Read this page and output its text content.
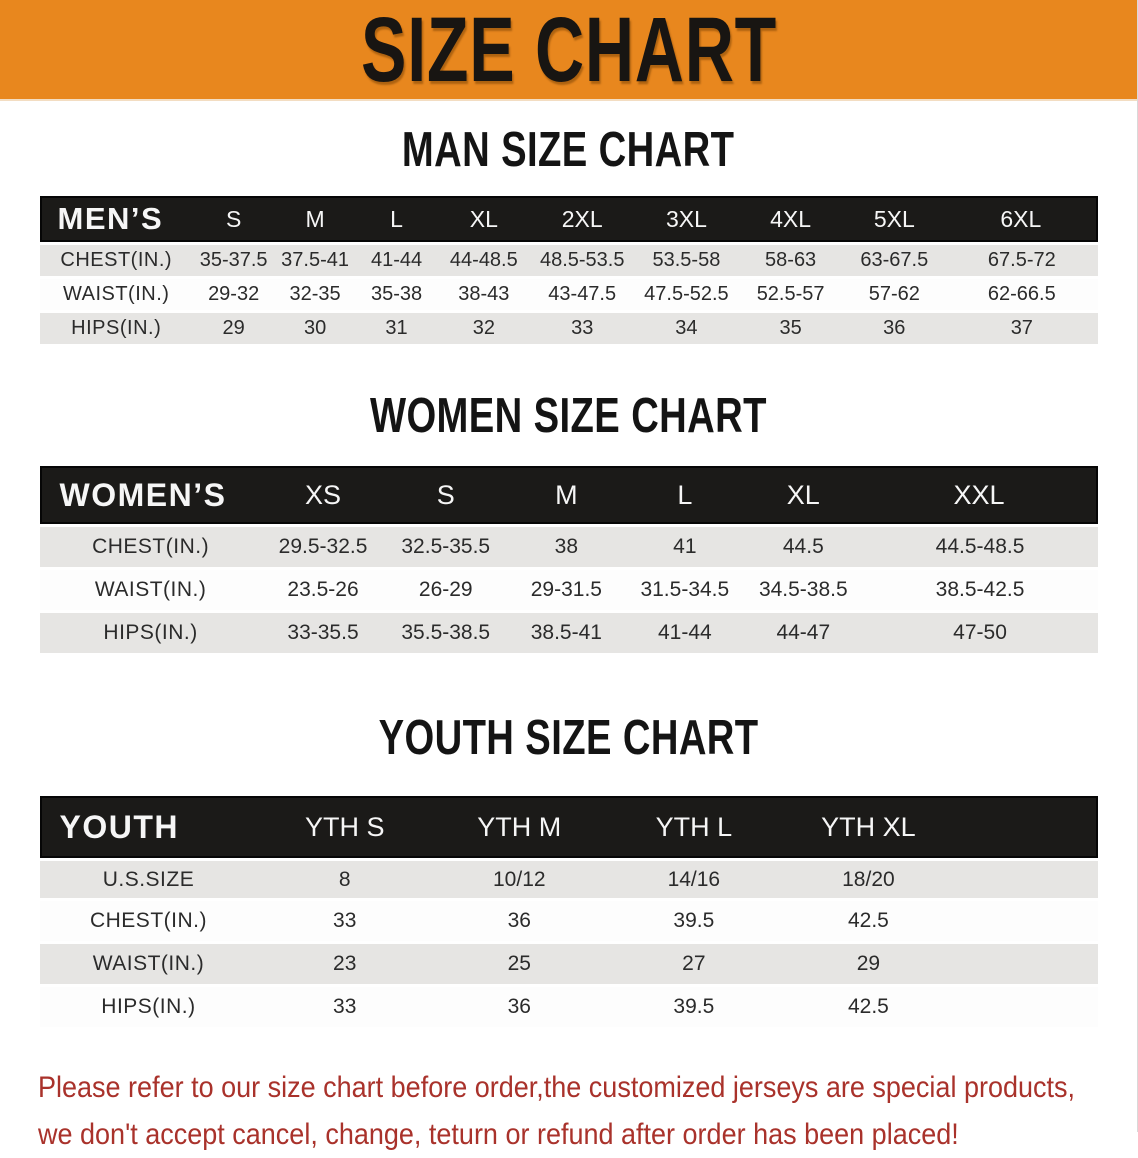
SIZE CHART
MAN SIZE CHART
MEN’S	S	M	L	XL	2XL	3XL	4XL	5XL	6XL
CHEST(IN.)	35-37.5	37.5-41	41-44	44-48.5	48.5-53.5	53.5-58	58-63	63-67.5	67.5-72
WAIST(IN.)	29-32	32-35	35-38	38-43	43-47.5	47.5-52.5	52.5-57	57-62	62-66.5
HIPS(IN.)	29	30	31	32	33	34	35	36	37
WOMEN SIZE CHART
WOMEN’S	XS	S	M	L	XL	XXL
CHEST(IN.)	29.5-32.5	32.5-35.5	38	41	44.5	44.5-48.5
WAIST(IN.)	23.5-26	26-29	29-31.5	31.5-34.5	34.5-38.5	38.5-42.5
HIPS(IN.)	33-35.5	35.5-38.5	38.5-41	41-44	44-47	47-50
YOUTH SIZE CHART
YOUTH	YTH S	YTH M	YTH L	YTH XL	
U.S.SIZE	8	10/12	14/16	18/20	
CHEST(IN.)	33	36	39.5	42.5	
WAIST(IN.)	23	25	27	29	
HIPS(IN.)	33	36	39.5	42.5	
Please refer to our size chart before order,the customized jerseys are special products,
we don't accept cancel, change, teturn or refund after order has been placed!
